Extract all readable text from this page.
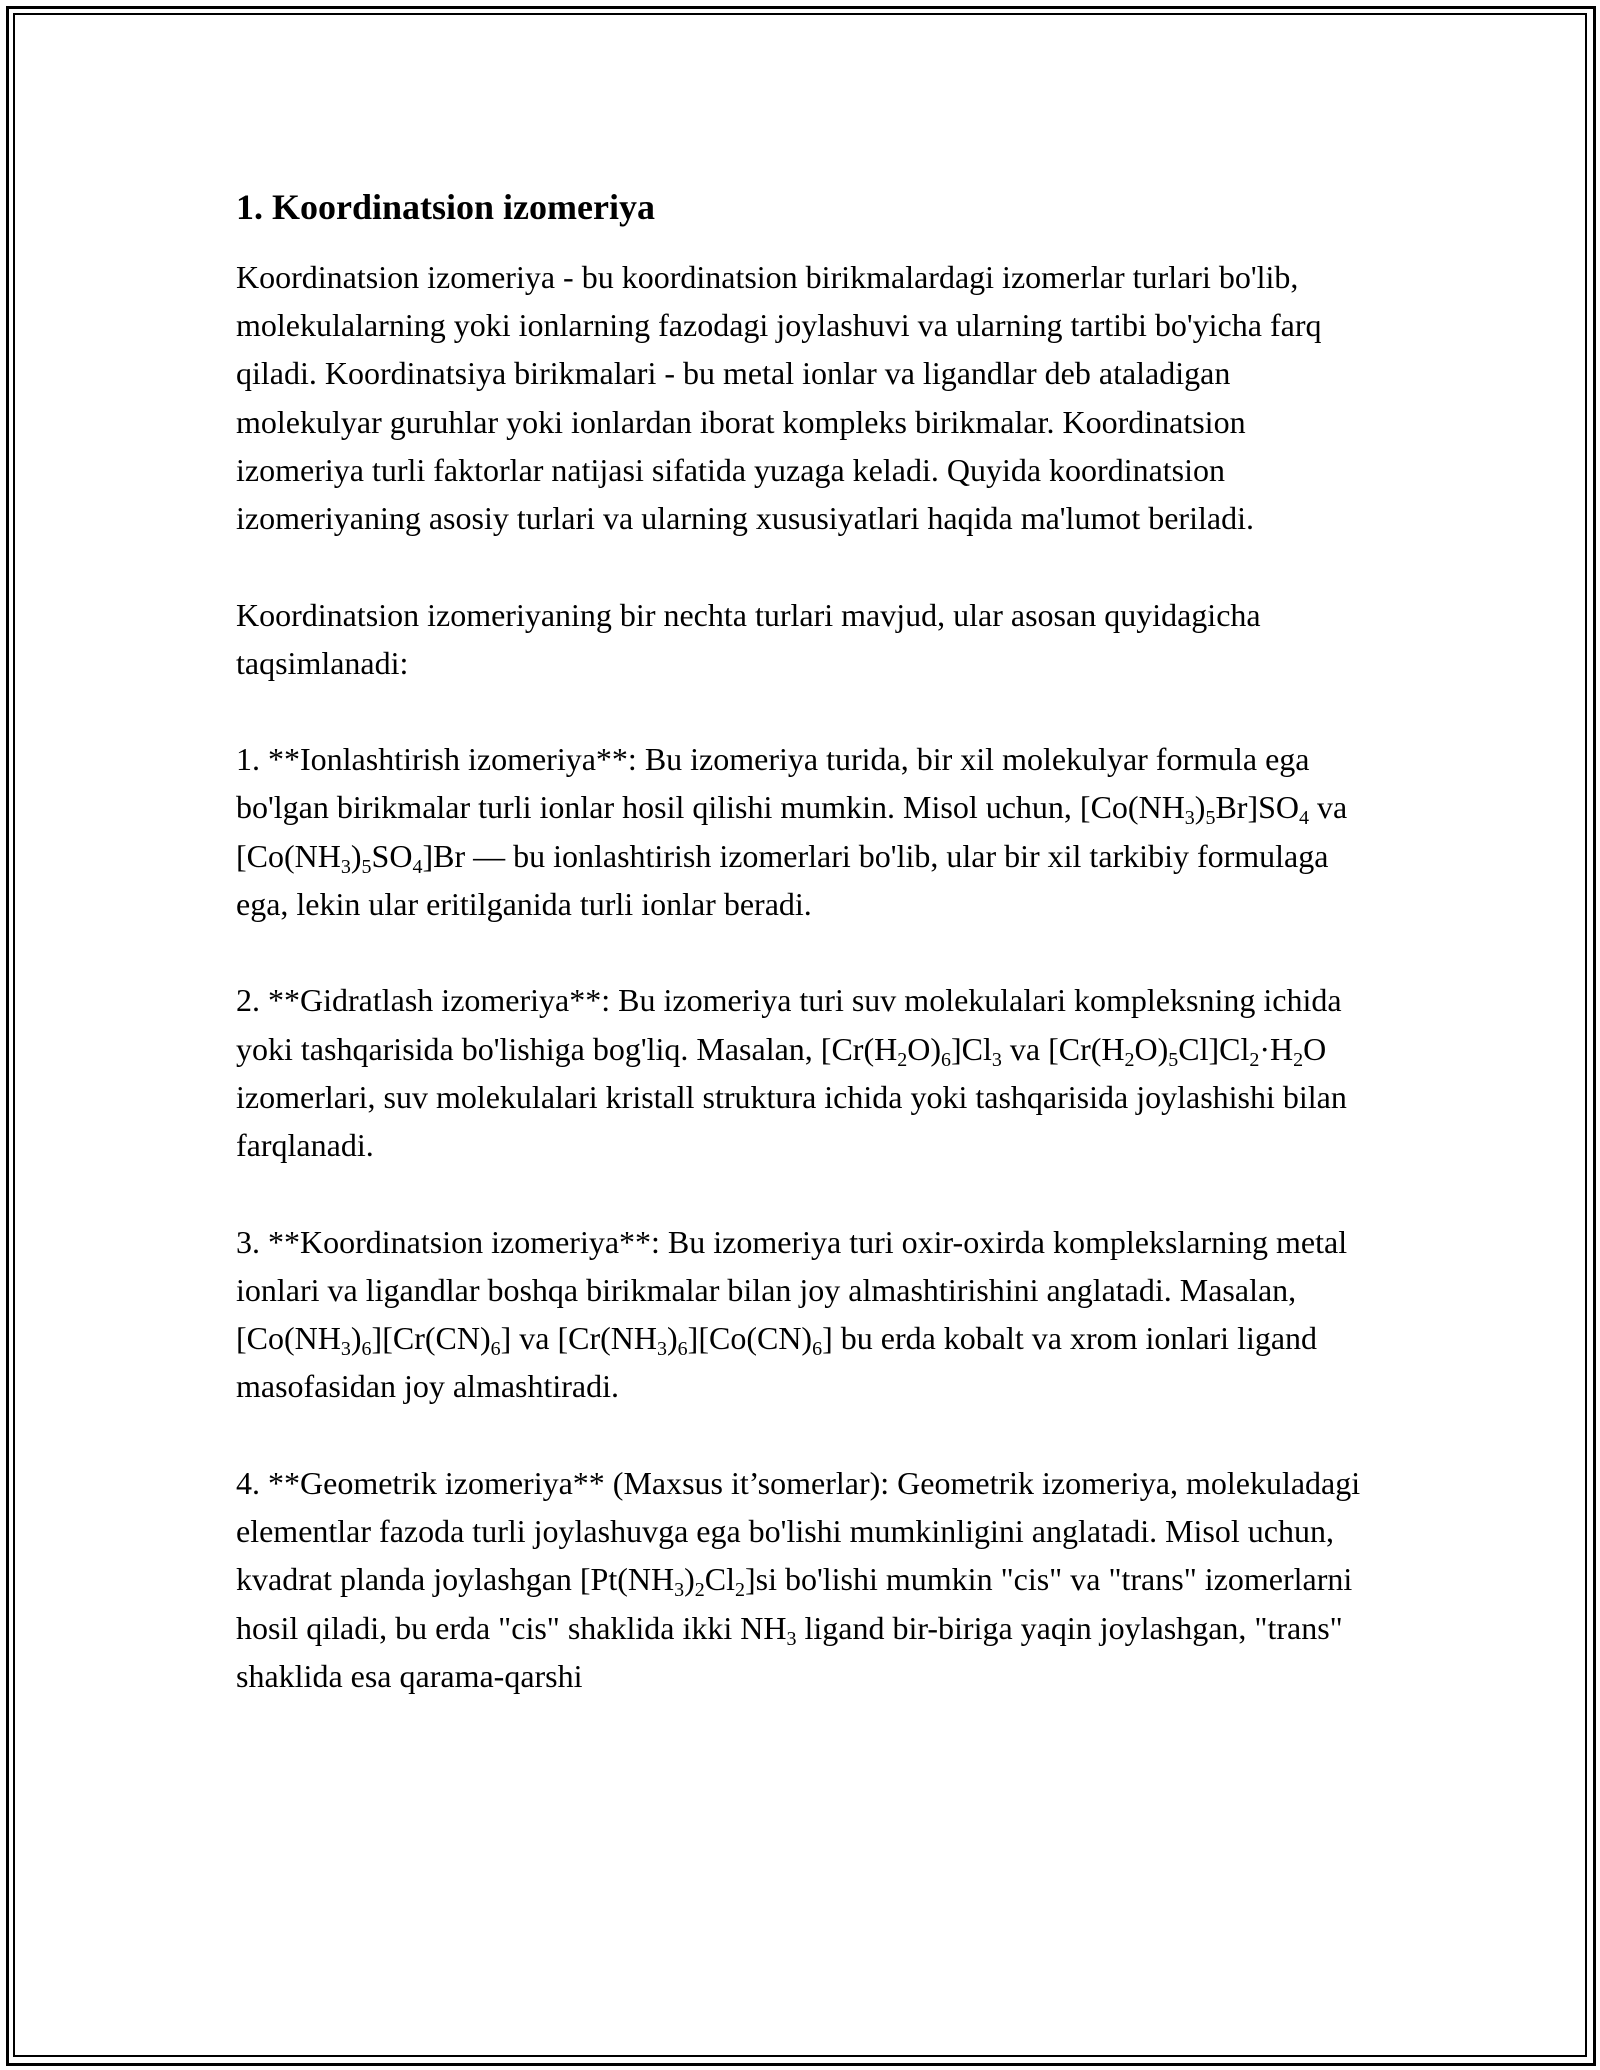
1. Koordinatsion izomeriya

Koordinatsion izomeriya - bu koordinatsion birikmalardagi izomerlar turlari bo'lib, molekulalarning yoki ionlarning fazodagi joylashuvi va ularning tartibi bo'yicha farq qiladi. Koordinatsiya birikmalari - bu metal ionlar va ligandlar deb ataladigan molekulyar guruhlar yoki ionlardan iborat kompleks birikmalar. Koordinatsion izomeriya turli faktorlar natijasi sifatida yuzaga keladi. Quyida koordinatsion izomeriyaning asosiy turlari va ularning xususiyatlari haqida ma'lumot beriladi.

Koordinatsion izomeriyaning bir nechta turlari mavjud, ular asosan quyidagicha taqsimlanadi:

1. **Ionlashtirish izomeriya**: Bu izomeriya turida, bir xil molekulyar formula ega bo'lgan birikmalar turli ionlar hosil qilishi mumkin. Misol uchun, $[Co(NH_3)_5Br]SO_4$ va $[Co(NH_3)_5SO_4]Br$ — bu ionlashtirish izomerlari bo'lib, ular bir xil tarkibiy formulaga ega, lekin ular eritilganida turli ionlar beradi.

2. **Gidratlash izomeriya**: Bu izomeriya turi suv molekulalari kompleksning ichida yoki tashqarisida bo'lishiga bog'liq. Masalan, $[Cr(H_2O)_6]Cl_3$ va $[Cr(H_2O)_5Cl]Cl_2\cdot H_2O$ izomerlari, suv molekulalari kristall struktura ichida yoki tashqarisida joylashishi bilan farqlanadi.

3. **Koordinatsion izomeriya**: Bu izomeriya turi oxir-oxirda komplekslarning metal ionlari va ligandlar boshqa birikmalar bilan joy almashtirishini anglatadi. Masalan, $[Co(NH_3)_6][Cr(CN)_6]$ va $[Cr(NH_3)_6][Co(CN)_6]$ bu erda kobalt va xrom ionlari ligand masofasidan joy almashtiradi.

4. **Geometrik izomeriya** (Maxsus it’somerlar): Geometrik izomeriya, molekuladagi elementlar fazoda turli joylashuvga ega bo'lishi mumkinligini anglatadi. Misol uchun, kvadrat planda joylashgan $[Pt(NH_3)_2Cl_2]si$ bo'lishi mumkin "cis" va "trans" izomerlarni hosil qiladi, bu erda "cis" shaklida ikki $NH_3$ ligand bir-biriga yaqin joylashgan, "trans" shaklida esa qarama-qarshi
